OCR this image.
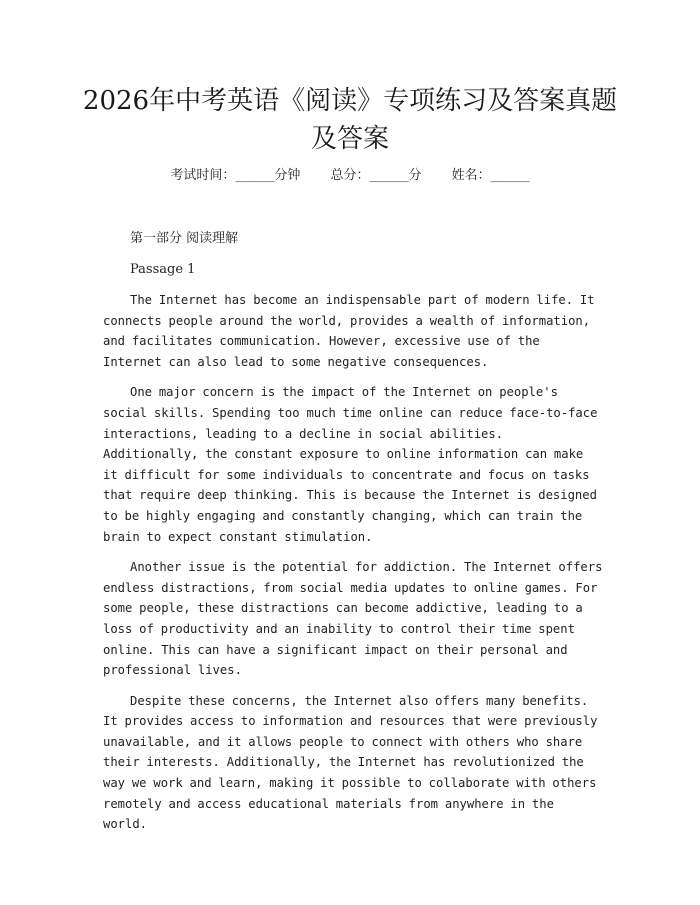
2026年中考英语《阅读》专项练习及答案真题及答案
考试时间：______分钟 总分：______分 姓名：______
第一部分 阅读理解
Passage 1

The Internet has become an indispensable part of modern life. It connects people around the world, provides a wealth of information, and facilitates communication. However, excessive use of the Internet can also lead to some negative consequences.

One major concern is the impact of the Internet on people's social skills. Spending too much time online can reduce face-to-face interactions, leading to a decline in social abilities. Additionally, the constant exposure to online information can make it difficult for some individuals to concentrate and focus on tasks that require deep thinking. This is because the Internet is designed to be highly engaging and constantly changing, which can train the brain to expect constant stimulation.

Another issue is the potential for addiction. The Internet offers endless distractions, from social media updates to online games. For some people, these distractions can become addictive, leading to a loss of productivity and an inability to control their time spent online. This can have a significant impact on their personal and professional lives.

Despite these concerns, the Internet also offers many benefits. It provides access to information and resources that were previously unavailable, and it allows people to connect with others who share their interests. Additionally, the Internet has revolutionized the way we work and learn, making it possible to collaborate with others remotely and access educational materials from anywhere in the world.
